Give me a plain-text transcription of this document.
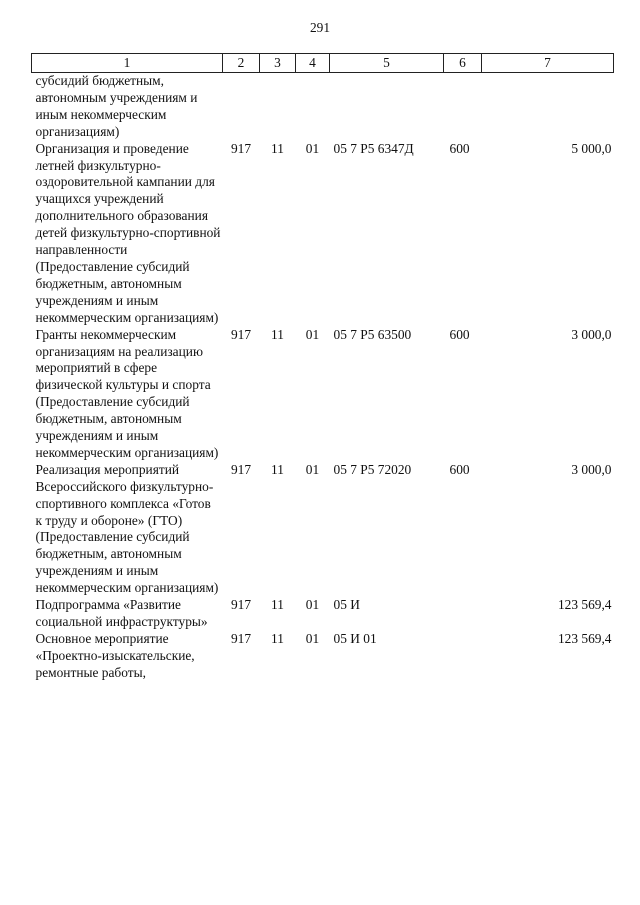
291
1	2	3	4	5	6	7
субсидий бюджетным, автономным учреждениям и иным некоммерческим организациям)						
Организация и проведение летней физкультурно-оздоровительной кампании для учащихся учреждений дополнительного образования детей физкультурно-спортивной направленности (Предоставление субсидий бюджетным, автономным учреждениям и иным некоммерческим организациям)	917	11	01	05 7 P5 6347Д	600	5 000,0
Гранты некоммерческим организациям на реализацию мероприятий в сфере физической культуры и спорта (Предоставление субсидий бюджетным, автономным учреждениям и иным некоммерческим организациям)	917	11	01	05 7 P5 63500	600	3 000,0
Реализация мероприятий Всероссийского физкультурно-спортивного комплекса «Готов к труду и обороне» (ГТО) (Предоставление субсидий бюджетным, автономным учреждениям и иным некоммерческим организациям)	917	11	01	05 7 P5 72020	600	3 000,0
Подпрограмма «Развитие социальной инфраструктуры»	917	11	01	05 И		123 569,4
Основное мероприятие «Проектно-изыскательские, ремонтные работы,	917	11	01	05 И 01		123 569,4
